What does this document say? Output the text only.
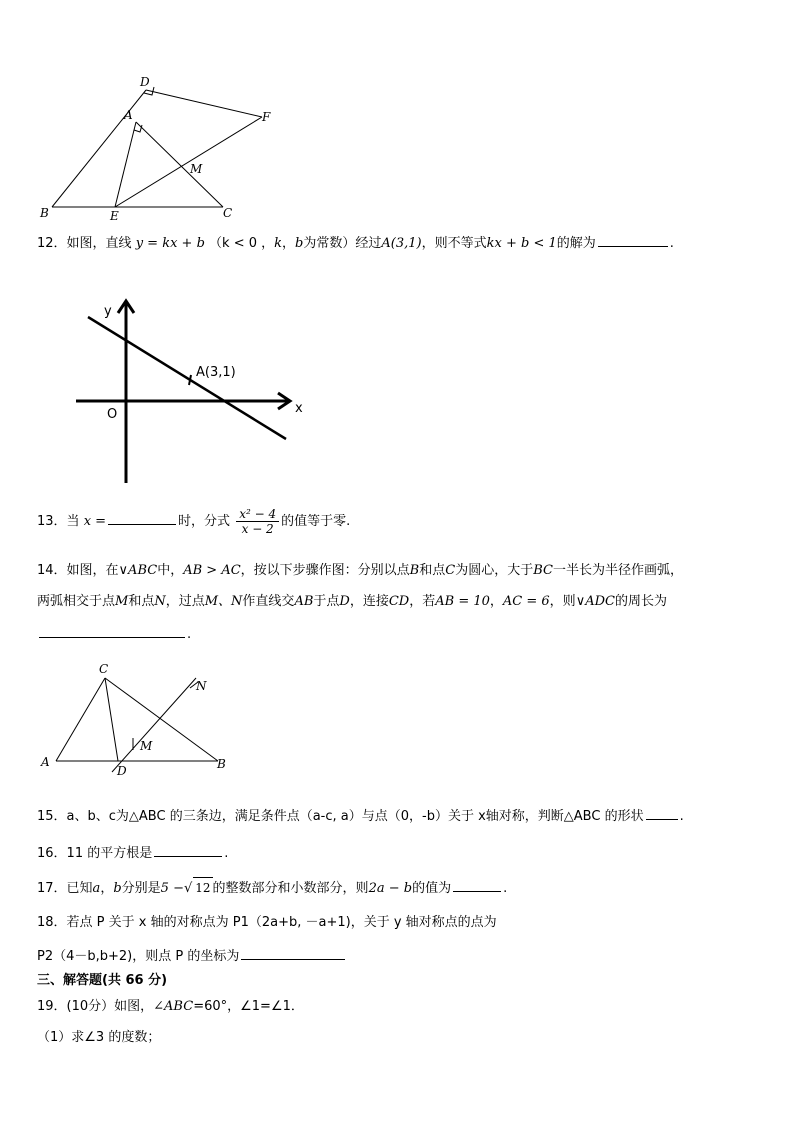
D
A	F
M
B	E	C
12．如图，直线 y = kx + b （k < 0 ，k，b为常数）经过A(3,1)，则不等式kx + b < 1的解为	.
y
x
O
A(3,1)
13．当 x =	时，分式 $\frac{\text{x² − 4}}{x - 2}$ 的值等于零.
14．如图，在∨ABC中，AB > AC，按以下步骤作图：分别以点B和点C为圆心，大于BC一半长为半径作画弧，
两弧相交于点M和点N，过点M、N作直线交AB于点D，连接CD，若AB = 10，AC = 6，则∨ADC的周长为
.
C
N
M
A
D	B
15．a、b、c为△ABC 的三条边，满足条件点（a-c, a）与点（0，-b）关于 x轴对称，判断△ABC 的形状	.
16．11 的平方根是	.
17．已知a，b分别是5 −√ 12 的整数部分和小数部分，则2a − b的值为	.
18．若点 P 关于 x 轴的对称点为 P1（2a+b, －a+1)，关于 y 轴对称点的点为
P2（4－b,b+2)，则点 P 的坐标为
三、解答题(共 66 分)
19．(10分）如图，∠ABC=60°，∠1=∠1．
（1）求∠3 的度数；
